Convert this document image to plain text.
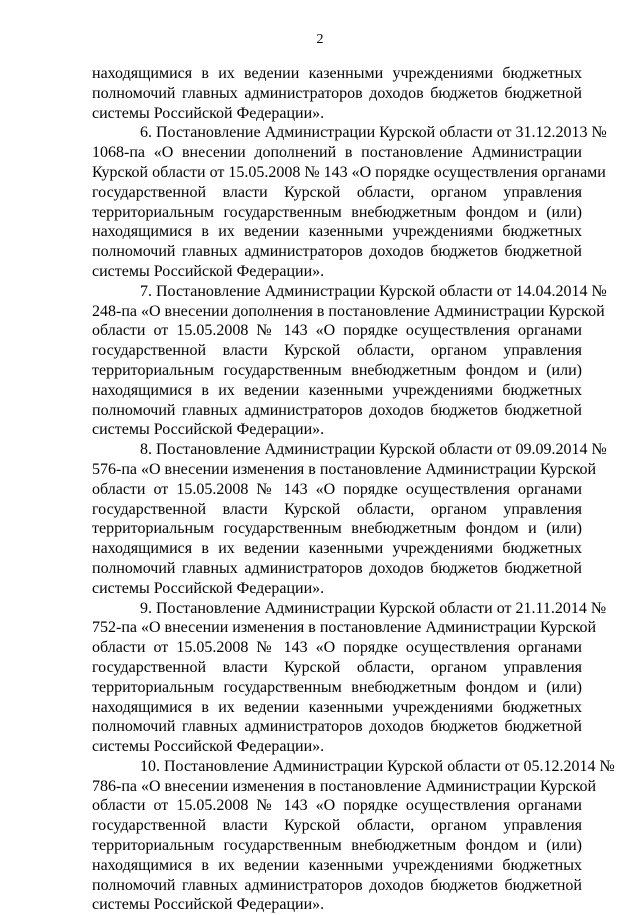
2
находящимися в их ведении казенными учреждениями бюджетных
полномочий главных администраторов доходов бюджетов бюджетной
системы Российской Федерации».
6. Постановление Администрации Курской области от 31.12.2013 №
1068-па «О внесении дополнений в постановление Администрации
Курской области от 15.05.2008 № 143 «О порядке осуществления органами
государственной власти Курской области, органом управления
территориальным государственным внебюджетным фондом и (или)
находящимися в их ведении казенными учреждениями бюджетных
полномочий главных администраторов доходов бюджетов бюджетной
системы Российской Федерации».
7. Постановление Администрации Курской области от 14.04.2014 №
248-па «О внесении дополнения в постановление Администрации Курской
области от 15.05.2008 № 143 «О порядке осуществления органами
государственной власти Курской области, органом управления
территориальным государственным внебюджетным фондом и (или)
находящимися в их ведении казенными учреждениями бюджетных
полномочий главных администраторов доходов бюджетов бюджетной
системы Российской Федерации».
8. Постановление Администрации Курской области от 09.09.2014 №
576-па «О внесении изменения в постановление Администрации Курской
области от 15.05.2008 № 143 «О порядке осуществления органами
государственной власти Курской области, органом управления
территориальным государственным внебюджетным фондом и (или)
находящимися в их ведении казенными учреждениями бюджетных
полномочий главных администраторов доходов бюджетов бюджетной
системы Российской Федерации».
9. Постановление Администрации Курской области от 21.11.2014 №
752-па «О внесении изменения в постановление Администрации Курской
области от 15.05.2008 № 143 «О порядке осуществления органами
государственной власти Курской области, органом управления
территориальным государственным внебюджетным фондом и (или)
находящимися в их ведении казенными учреждениями бюджетных
полномочий главных администраторов доходов бюджетов бюджетной
системы Российской Федерации».
10. Постановление Администрации Курской области от 05.12.2014 №
786-па «О внесении изменения в постановление Администрации Курской
области от 15.05.2008 № 143 «О порядке осуществления органами
государственной власти Курской области, органом управления
территориальным государственным внебюджетным фондом и (или)
находящимися в их ведении казенными учреждениями бюджетных
полномочий главных администраторов доходов бюджетов бюджетной
системы Российской Федерации».
